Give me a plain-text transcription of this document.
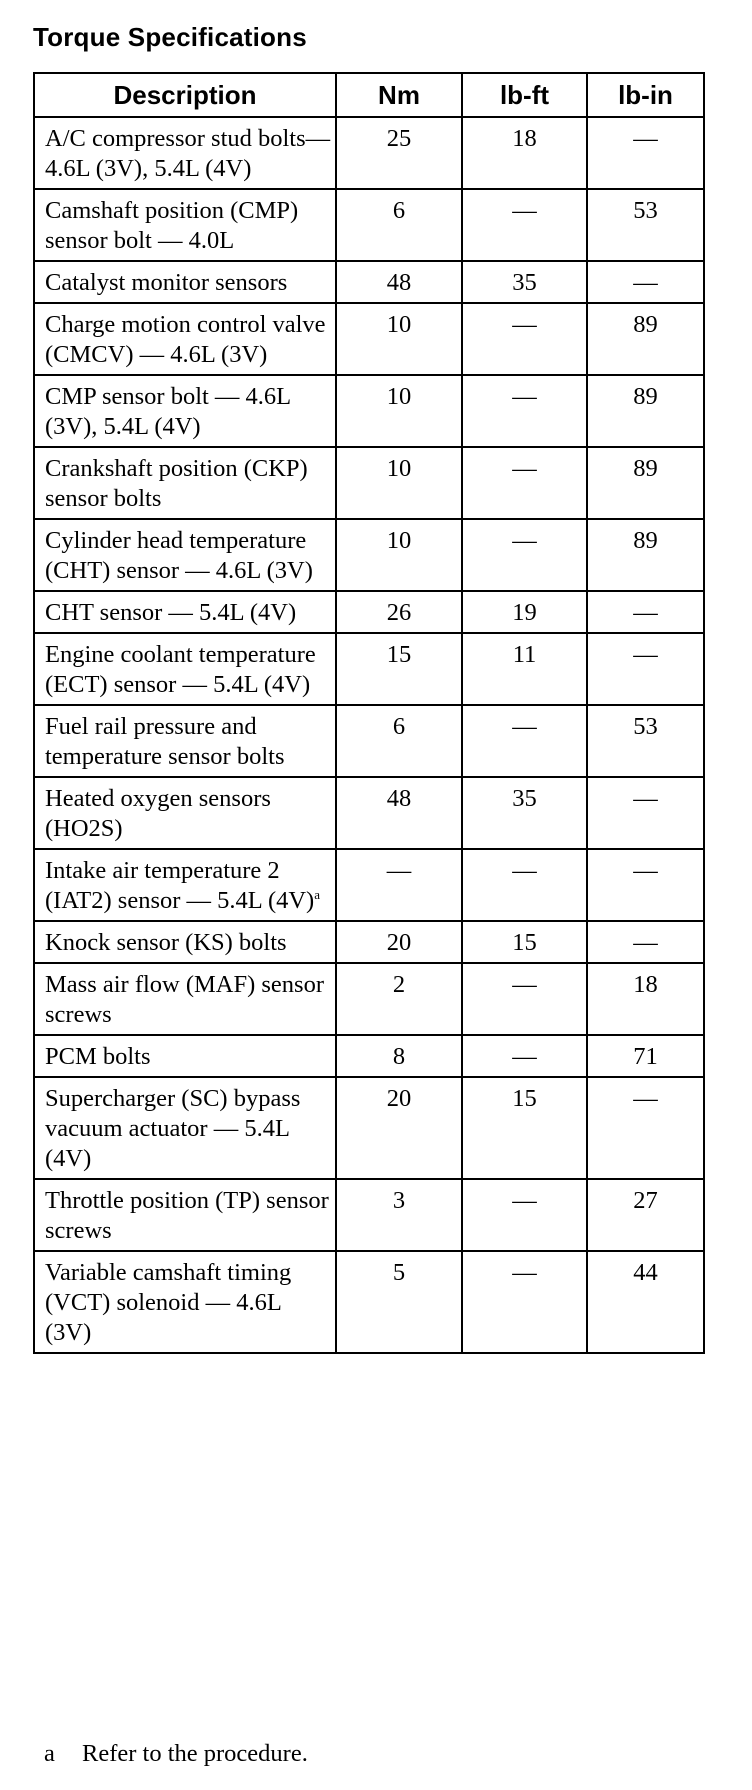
Torque Specifications
Description	Nm	lb-ft	lb-in
A/C compressor stud bolts— 4.6L (3V), 5.4L (4V)	25	18	—
Camshaft position (CMP) sensor bolt — 4.0L	6	—	53
Catalyst monitor sensors	48	35	—
Charge motion control valve (CMCV) — 4.6L (3V)	10	—	89
CMP sensor bolt — 4.6L (3V), 5.4L (4V)	10	—	89
Crankshaft position (CKP) sensor bolts	10	—	89
Cylinder head temperature (CHT) sensor — 4.6L (3V)	10	—	89
CHT sensor — 5.4L (4V)	26	19	—
Engine coolant temperature (ECT) sensor — 5.4L (4V)	15	11	—
Fuel rail pressure and temperature sensor bolts	6	—	53
Heated oxygen sensors (HO2S)	48	35	—
Intake air temperature 2 (IAT2) sensor — 5.4L $(4V)^a$	—	—	—
Knock sensor (KS) bolts	20	15	—
Mass air flow (MAF) sensor screws	2	—	18
PCM bolts	8	—	71
Supercharger (SC) bypass vacuum actuator — 5.4L (4V)	20	15	—
Throttle position (TP) sensor screws	3	—	27
Variable camshaft timing (VCT) solenoid — 4.6L (3V)	5	—	44
a Refer to the procedure.
